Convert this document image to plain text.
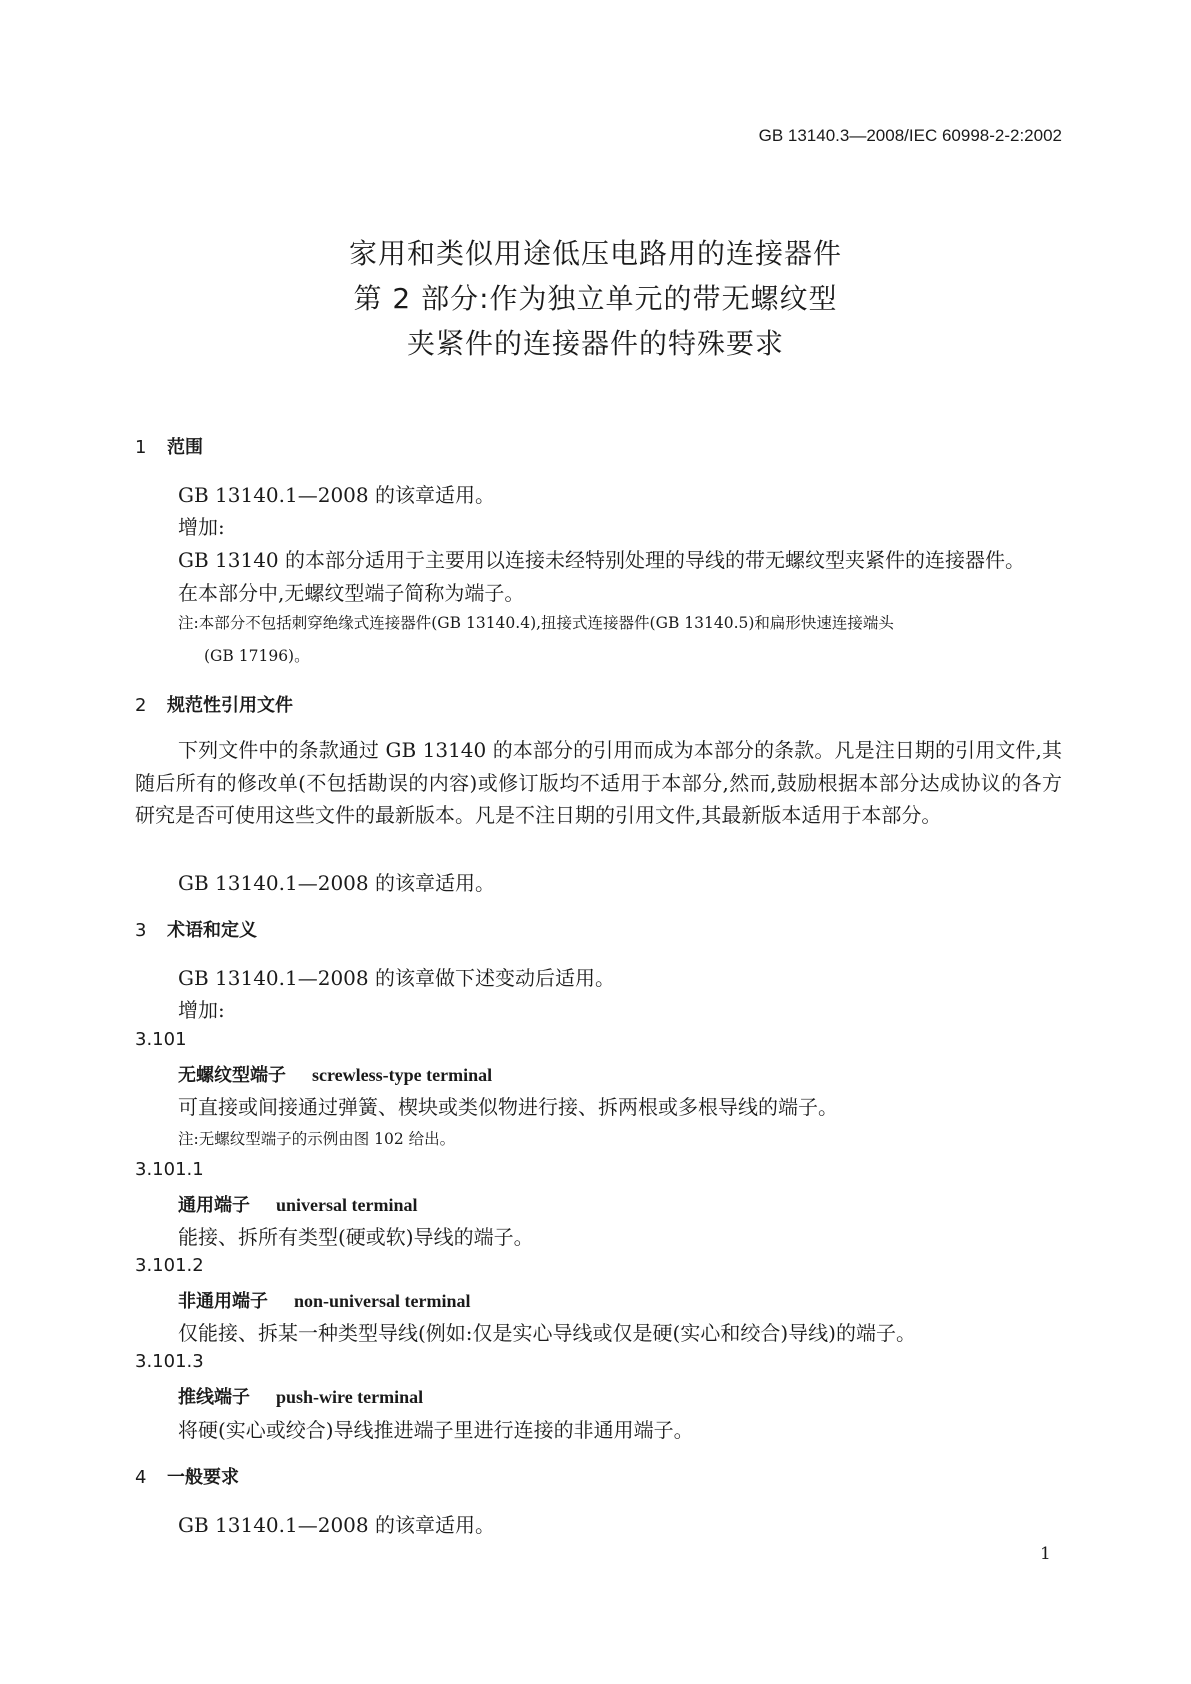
GB 13140.3—2008/IEC 60998-2-2:2002
家用和类似用途低压电路用的连接器件
第 2 部分:作为独立单元的带无螺纹型
夹紧件的连接器件的特殊要求
1 范围
GB 13140.1—2008 的该章适用。
增加:
GB 13140 的本部分适用于主要用以连接未经特别处理的导线的带无螺纹型夹紧件的连接器件。
在本部分中,无螺纹型端子简称为端子。
注:本部分不包括刺穿绝缘式连接器件(GB 13140.4),扭接式连接器件(GB 13140.5)和扁形快速连接端头
(GB 17196)。
2 规范性引用文件
下列文件中的条款通过 GB 13140 的本部分的引用而成为本部分的条款。凡是注日期的引用文件,其随后所有的修改单(不包括勘误的内容)或修订版均不适用于本部分,然而,鼓励根据本部分达成协议的各方研究是否可使用这些文件的最新版本。凡是不注日期的引用文件,其最新版本适用于本部分。
GB 13140.1—2008 的该章适用。
3 术语和定义
GB 13140.1—2008 的该章做下述变动后适用。
增加:
3.101
无螺纹型端子 screwless-type terminal
可直接或间接通过弹簧、楔块或类似物进行接、拆两根或多根导线的端子。
注:无螺纹型端子的示例由图 102 给出。
3.101.1
通用端子 universal terminal
能接、拆所有类型(硬或软)导线的端子。
3.101.2
非通用端子 non-universal terminal
仅能接、拆某一种类型导线(例如:仅是实心导线或仅是硬(实心和绞合)导线)的端子。
3.101.3
推线端子 push-wire terminal
将硬(实心或绞合)导线推进端子里进行连接的非通用端子。
4 一般要求
GB 13140.1—2008 的该章适用。
1
